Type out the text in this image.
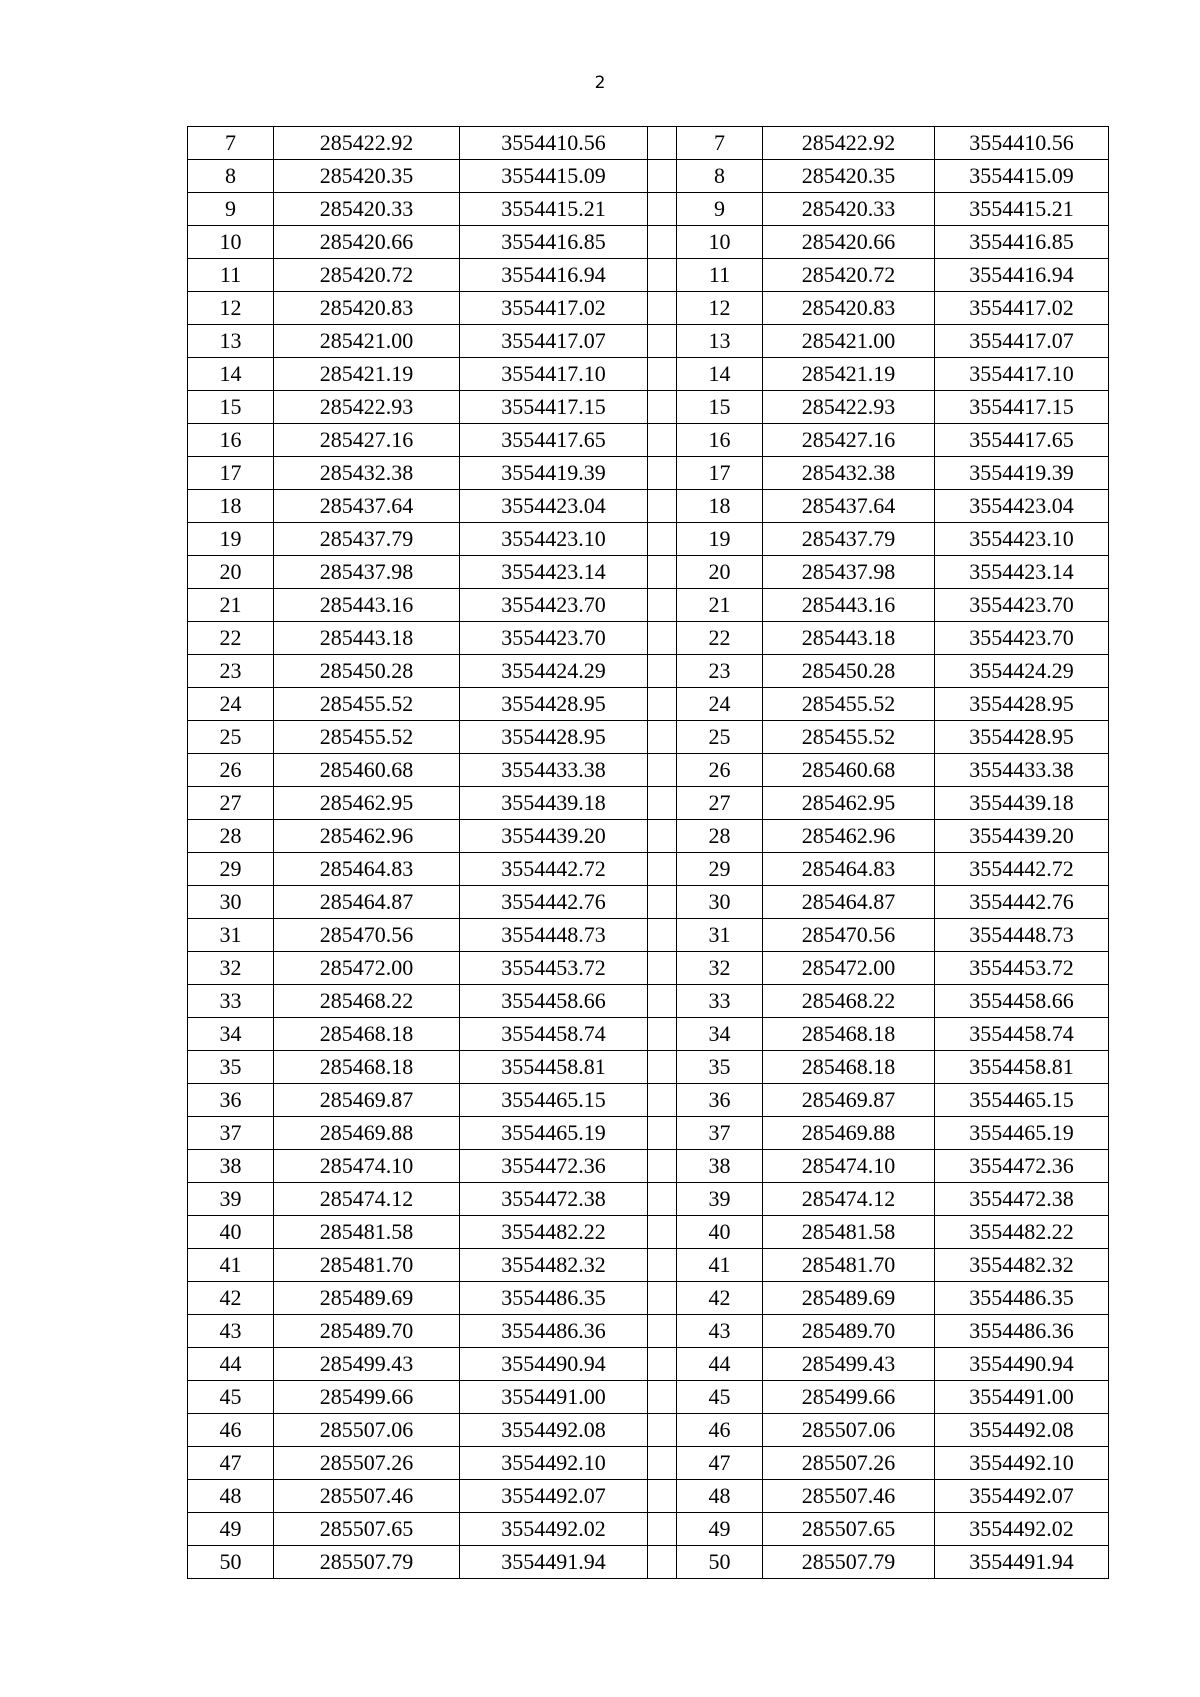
2
7	285422.92	3554410.56		7	285422.92	3554410.56
8	285420.35	3554415.09		8	285420.35	3554415.09
9	285420.33	3554415.21		9	285420.33	3554415.21
10	285420.66	3554416.85		10	285420.66	3554416.85
11	285420.72	3554416.94		11	285420.72	3554416.94
12	285420.83	3554417.02		12	285420.83	3554417.02
13	285421.00	3554417.07		13	285421.00	3554417.07
14	285421.19	3554417.10		14	285421.19	3554417.10
15	285422.93	3554417.15		15	285422.93	3554417.15
16	285427.16	3554417.65		16	285427.16	3554417.65
17	285432.38	3554419.39		17	285432.38	3554419.39
18	285437.64	3554423.04		18	285437.64	3554423.04
19	285437.79	3554423.10		19	285437.79	3554423.10
20	285437.98	3554423.14		20	285437.98	3554423.14
21	285443.16	3554423.70		21	285443.16	3554423.70
22	285443.18	3554423.70		22	285443.18	3554423.70
23	285450.28	3554424.29		23	285450.28	3554424.29
24	285455.52	3554428.95		24	285455.52	3554428.95
25	285455.52	3554428.95		25	285455.52	3554428.95
26	285460.68	3554433.38		26	285460.68	3554433.38
27	285462.95	3554439.18		27	285462.95	3554439.18
28	285462.96	3554439.20		28	285462.96	3554439.20
29	285464.83	3554442.72		29	285464.83	3554442.72
30	285464.87	3554442.76		30	285464.87	3554442.76
31	285470.56	3554448.73		31	285470.56	3554448.73
32	285472.00	3554453.72		32	285472.00	3554453.72
33	285468.22	3554458.66		33	285468.22	3554458.66
34	285468.18	3554458.74		34	285468.18	3554458.74
35	285468.18	3554458.81		35	285468.18	3554458.81
36	285469.87	3554465.15		36	285469.87	3554465.15
37	285469.88	3554465.19		37	285469.88	3554465.19
38	285474.10	3554472.36		38	285474.10	3554472.36
39	285474.12	3554472.38		39	285474.12	3554472.38
40	285481.58	3554482.22		40	285481.58	3554482.22
41	285481.70	3554482.32		41	285481.70	3554482.32
42	285489.69	3554486.35		42	285489.69	3554486.35
43	285489.70	3554486.36		43	285489.70	3554486.36
44	285499.43	3554490.94		44	285499.43	3554490.94
45	285499.66	3554491.00		45	285499.66	3554491.00
46	285507.06	3554492.08		46	285507.06	3554492.08
47	285507.26	3554492.10		47	285507.26	3554492.10
48	285507.46	3554492.07		48	285507.46	3554492.07
49	285507.65	3554492.02		49	285507.65	3554492.02
50	285507.79	3554491.94		50	285507.79	3554491.94
